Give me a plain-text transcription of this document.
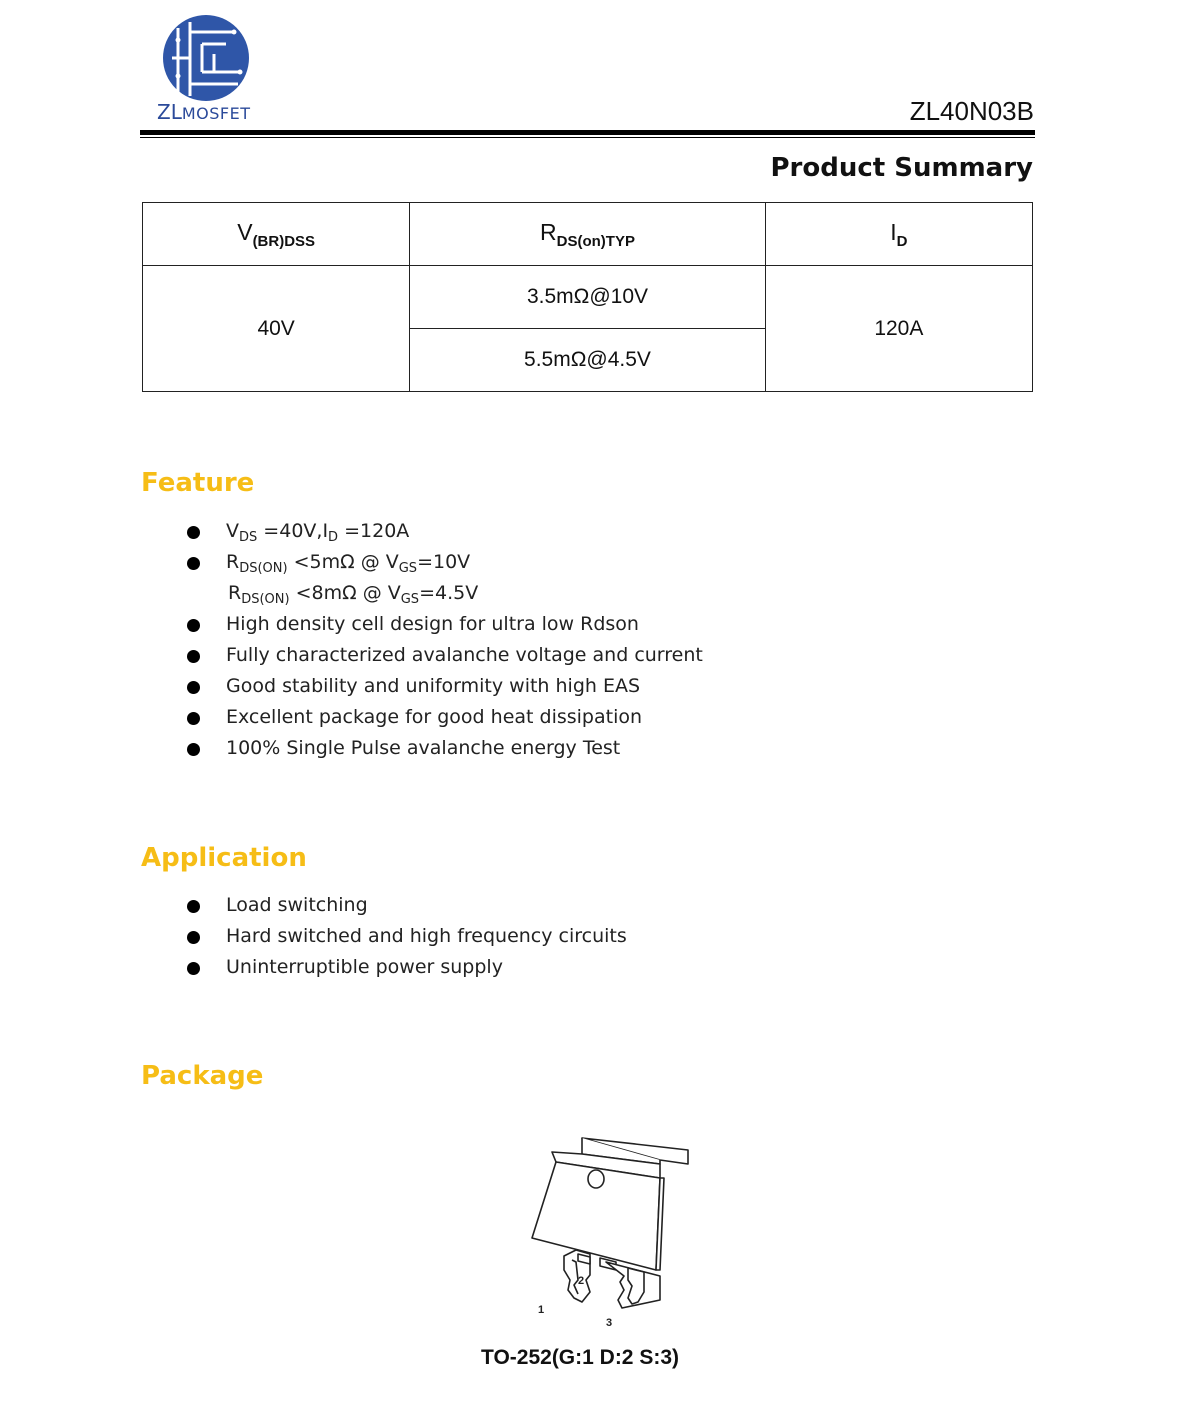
ZLMOSFET	ZL40N03B
Product Summary
$V_{(BR)DSS}$	$R_{DS(on)TYP}$	$I_D$
40V	3.5mΩ@10V	120A
	5.5mΩ@4.5V	
Feature
$V_{DS} =40V,I_D =120A$
$R_{DS(ON)} <5m\Omega$ @ $V_{GS}=10V$
$R_{DS(ON)} <8m\Omega$ @ $V_{GS}=4.5V$
High density cell design for ultra low Rdson
Fully characterized avalanche voltage and current
Good stability and uniformity with high EAS
Excellent package for good heat dissipation
100% Single Pulse avalanche energy Test
Application
Load switching
Hard switched and high frequency circuits
Uninterruptible power supply
Package
1
2
3
TO-252(G:1 D:2 S:3)
